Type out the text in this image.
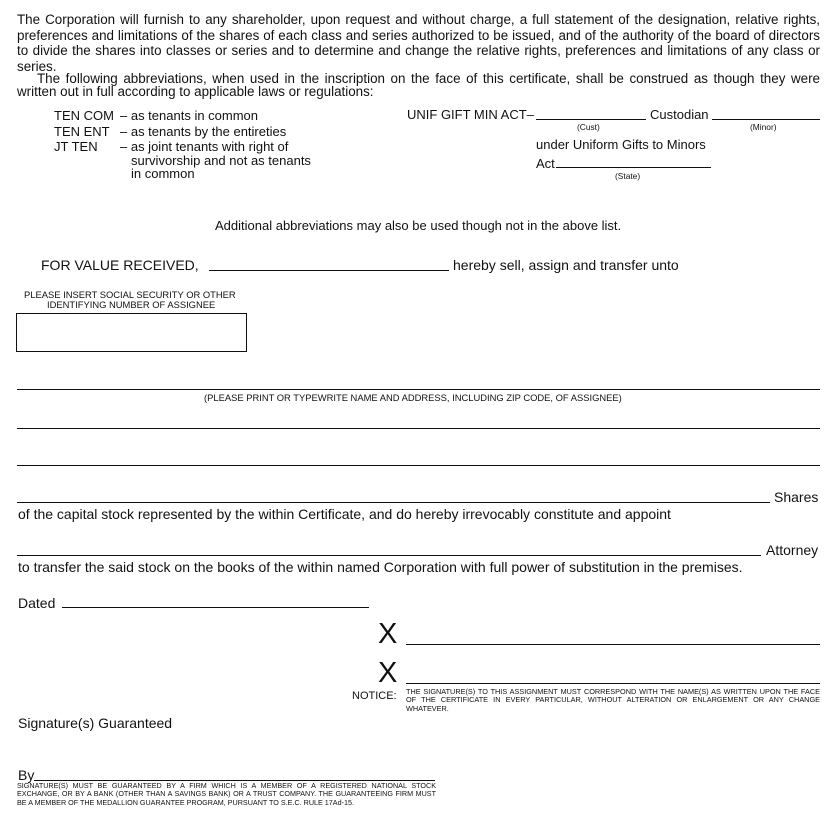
The Corporation will furnish to any shareholder, upon request and without charge, a full statement of the designation, relative rights, preferences and limitations of the shares of each class and series authorized to be issued, and of the authority of the board of directors to divide the shares into classes or series and to determine and change the relative rights, preferences and limitations of any class or series.
The following abbreviations, when used in the inscription on the face of this certificate, shall be construed as though they were written out in full according to applicable laws or regulations:
TEN COM – as tenants in common
TEN ENT – as tenants by the entireties
JT TEN – as joint tenants with right of
survivorship and not as tenants
in common
UNIF GIFT MIN ACT–
(Cust)
Custodian
(Minor)
under Uniform Gifts to Minors
Act
(State)
Additional abbreviations may also be used though not in the above list.
FOR VALUE RECEIVED,	hereby sell, assign and transfer unto
PLEASE INSERT SOCIAL SECURITY OR OTHER
IDENTIFYING NUMBER OF ASSIGNEE
(PLEASE PRINT OR TYPEWRITE NAME AND ADDRESS, INCLUDING ZIP CODE, OF ASSIGNEE)
Shares
of the capital stock represented by the within Certificate, and do hereby irrevocably constitute and appoint
Attorney
to transfer the said stock on the books of the within named Corporation with full power of substitution in the premises.
Dated
X
X
NOTICE: THE SIGNATURE(S) TO THIS ASSIGNMENT MUST CORRESPOND WITH THE NAME(S) AS WRITTEN UPON THE FACE OF THE CERTIFICATE IN EVERY PARTICULAR, WITHOUT ALTERATION OR ENLARGEMENT OR ANY CHANGE WHATEVER.
Signature(s) Guaranteed
By
SIGNATURE(S) MUST BE GUARANTEED BY A FIRM WHICH IS A MEMBER OF A REGISTERED NATIONAL STOCK EXCHANGE, OR BY A BANK (OTHER THAN A SAVINGS BANK) OR A TRUST COMPANY. THE GUARANTEEING FIRM MUST BE A MEMBER OF THE MEDALLION GUARANTEE PROGRAM, PURSUANT TO S.E.C. RULE 17Ad-15.
